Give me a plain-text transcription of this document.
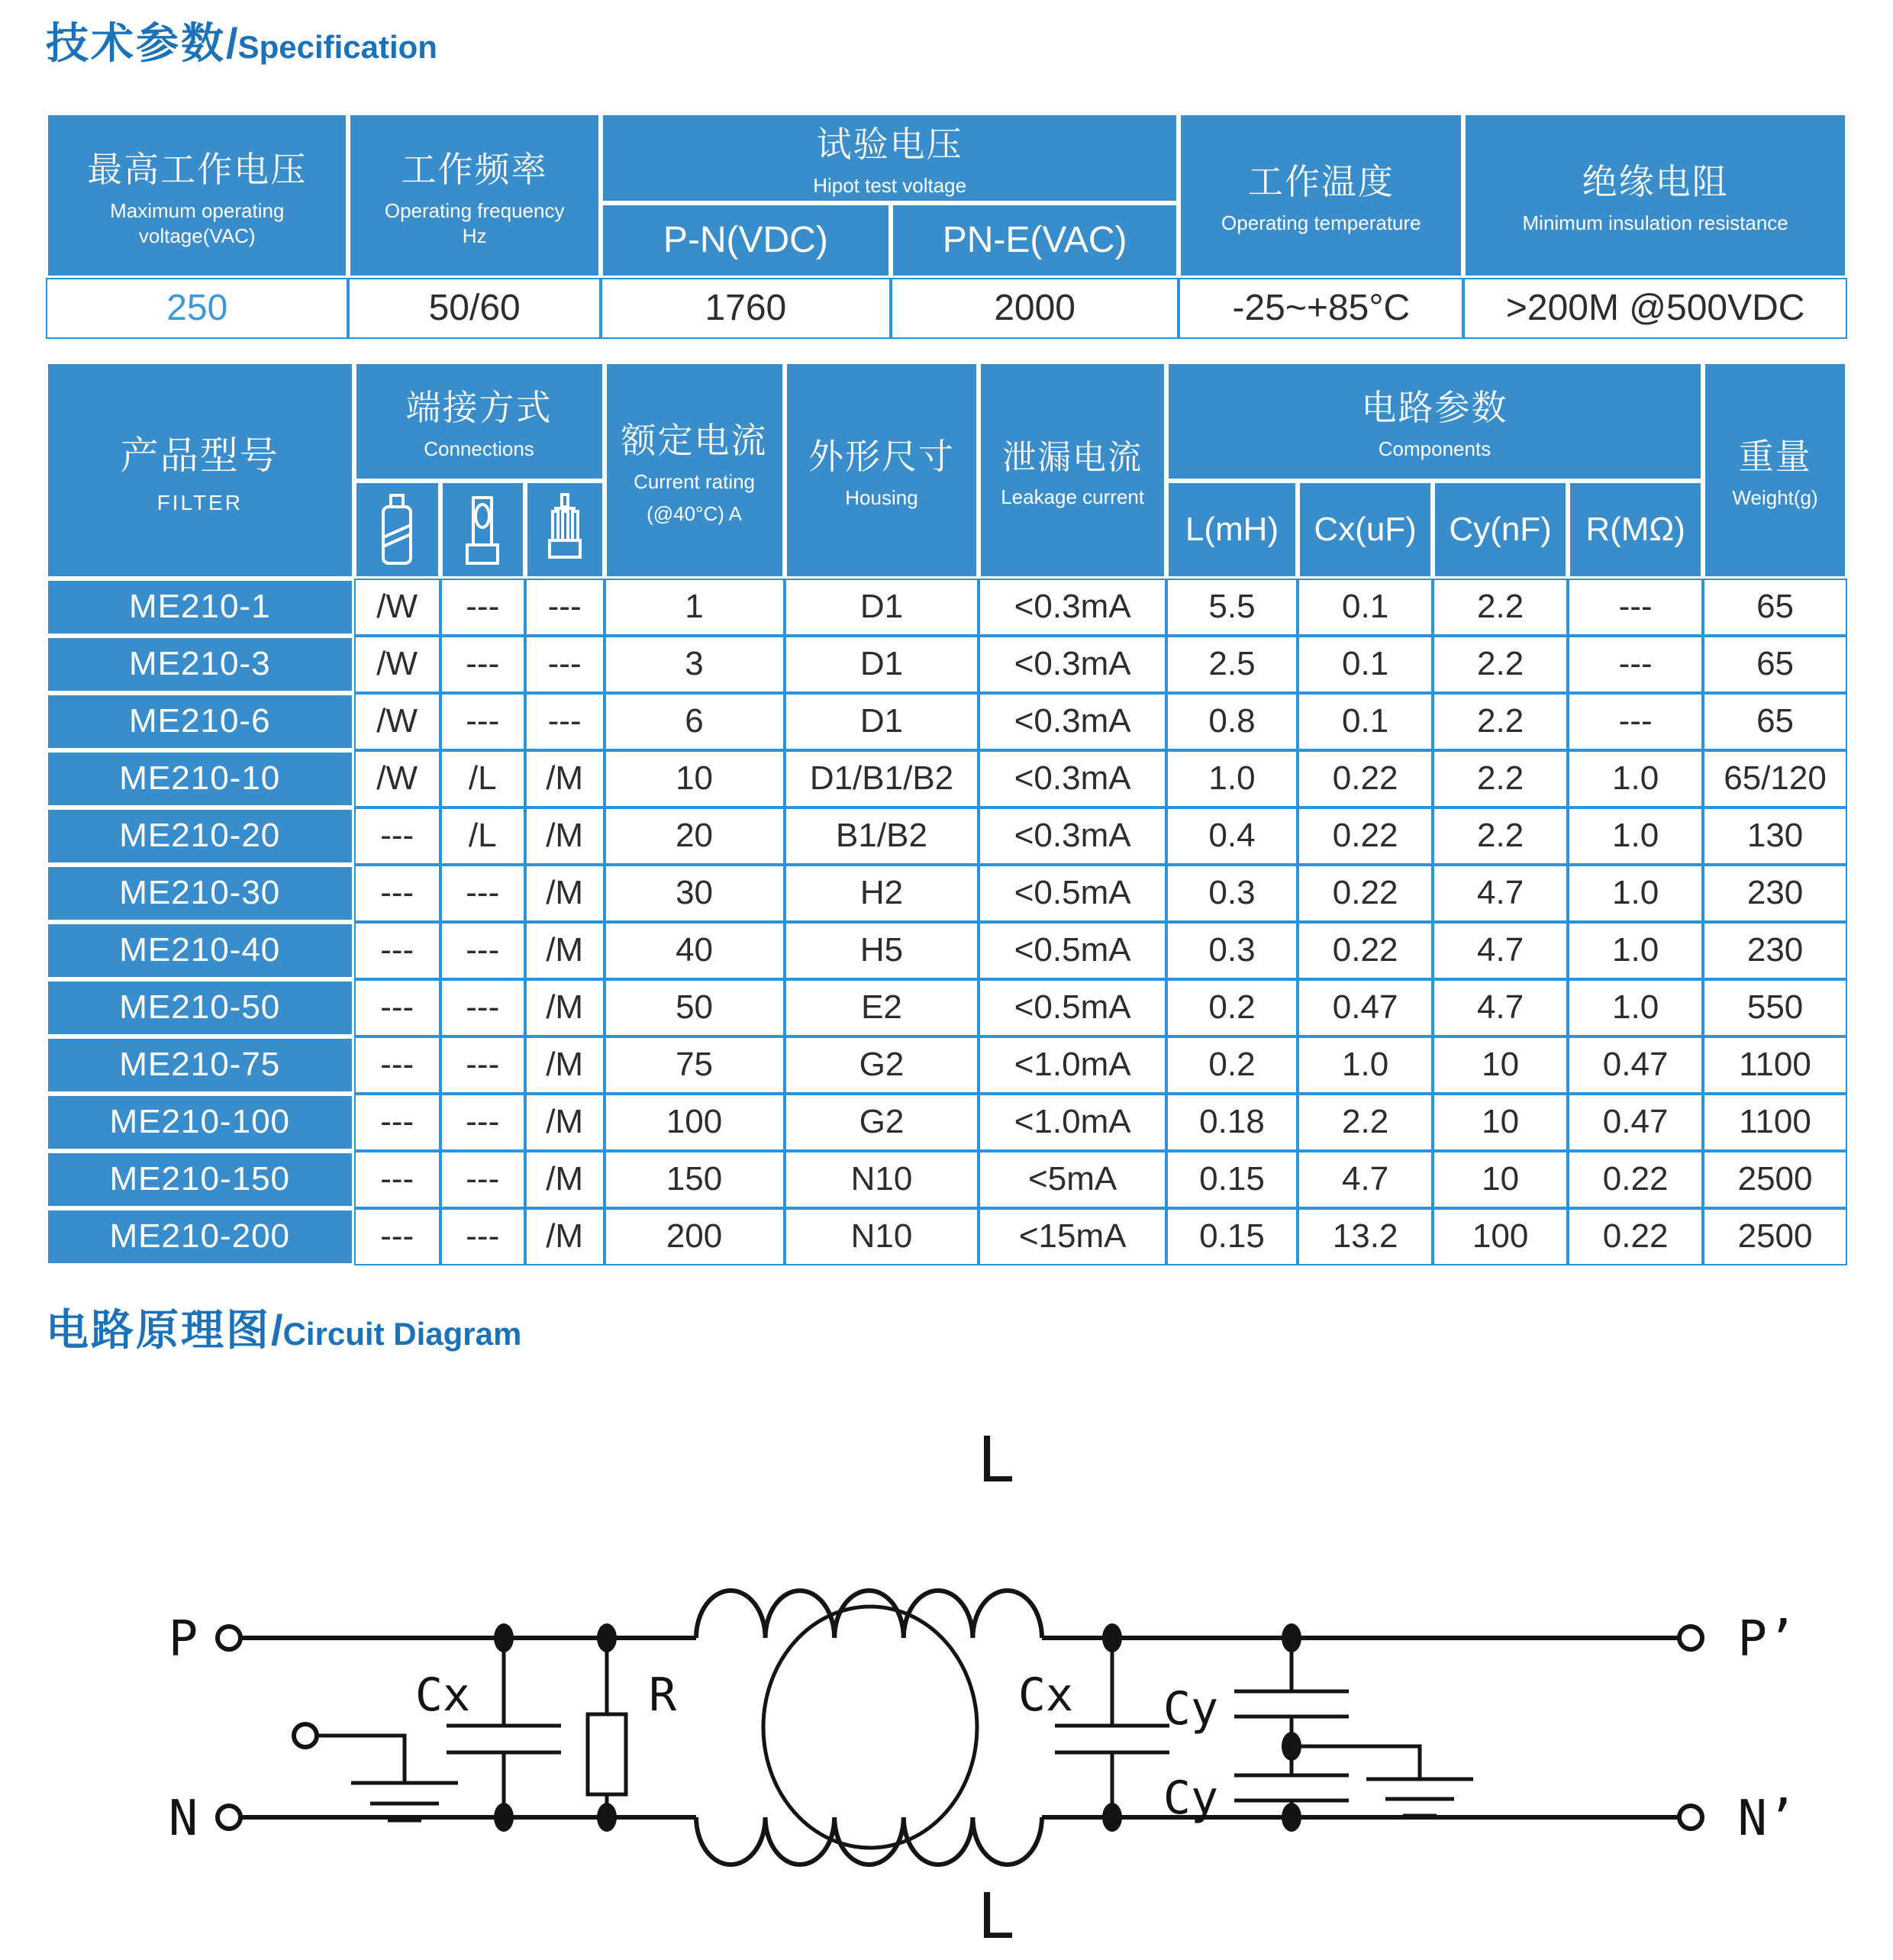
技术参数/Specification
最高工作电压
Maximum operating voltage(VAC)	工作频率
Operating frequency Hz	试验电压
Hipot test voltage		工作温度
Operating temperature	绝缘电阻
Minimum insulation resistance

		P-N(VDC)	PN-E(VAC)		
250	50/60	1760	2000	-25~+85°C	>200M @500VDC
产品型号
FILTER	端接方式
Connections			额定电流
Current rating
(@40°C) A	外形尺寸
Housing	泄漏电流
Leakage current	电路参数
Components				重量
Weight(g)

	L(mH)	Cx(uF)	Cy(nF)	R(MΩ)	
ME210-1	/W	---	---	1	D1	<0.3mA	5.5	0.1	2.2	---	65
ME210-3	/W	---	---	3	D1	<0.3mA	2.5	0.1	2.2	---	65
ME210-6	/W	---	---	6	D1	<0.3mA	0.8	0.1	2.2	---	65
ME210-10	/W	/L	/M	10	D1/B1/B2	<0.3mA	1.0	0.22	2.2	1.0	65/120
ME210-20	---	/L	/M	20	B1/B2	<0.3mA	0.4	0.22	2.2	1.0	130
ME210-30	---	---	/M	30	H2	<0.5mA	0.3	0.22	4.7	1.0	230
ME210-40	---	---	/M	40	H5	<0.5mA	0.3	0.22	4.7	1.0	230
ME210-50	---	---	/M	50	E2	<0.5mA	0.2	0.47	4.7	1.0	550
ME210-75	---	---	/M	75	G2	<1.0mA	0.2	1.0	10	0.47	1100
ME210-100	---	---	/M	100	G2	<1.0mA	0.18	2.2	10	0.47	1100
ME210-150	---	---	/M	150	N10	<5mA	0.15	4.7	10	0.22	2500
ME210-200	---	---	/M	200	N10	<15mA	0.15	13.2	100	0.22	2500
电路原理图/Circuit Diagram
P
N
P’
N’
Cx	R	Cx Cy
Cy
L
L
